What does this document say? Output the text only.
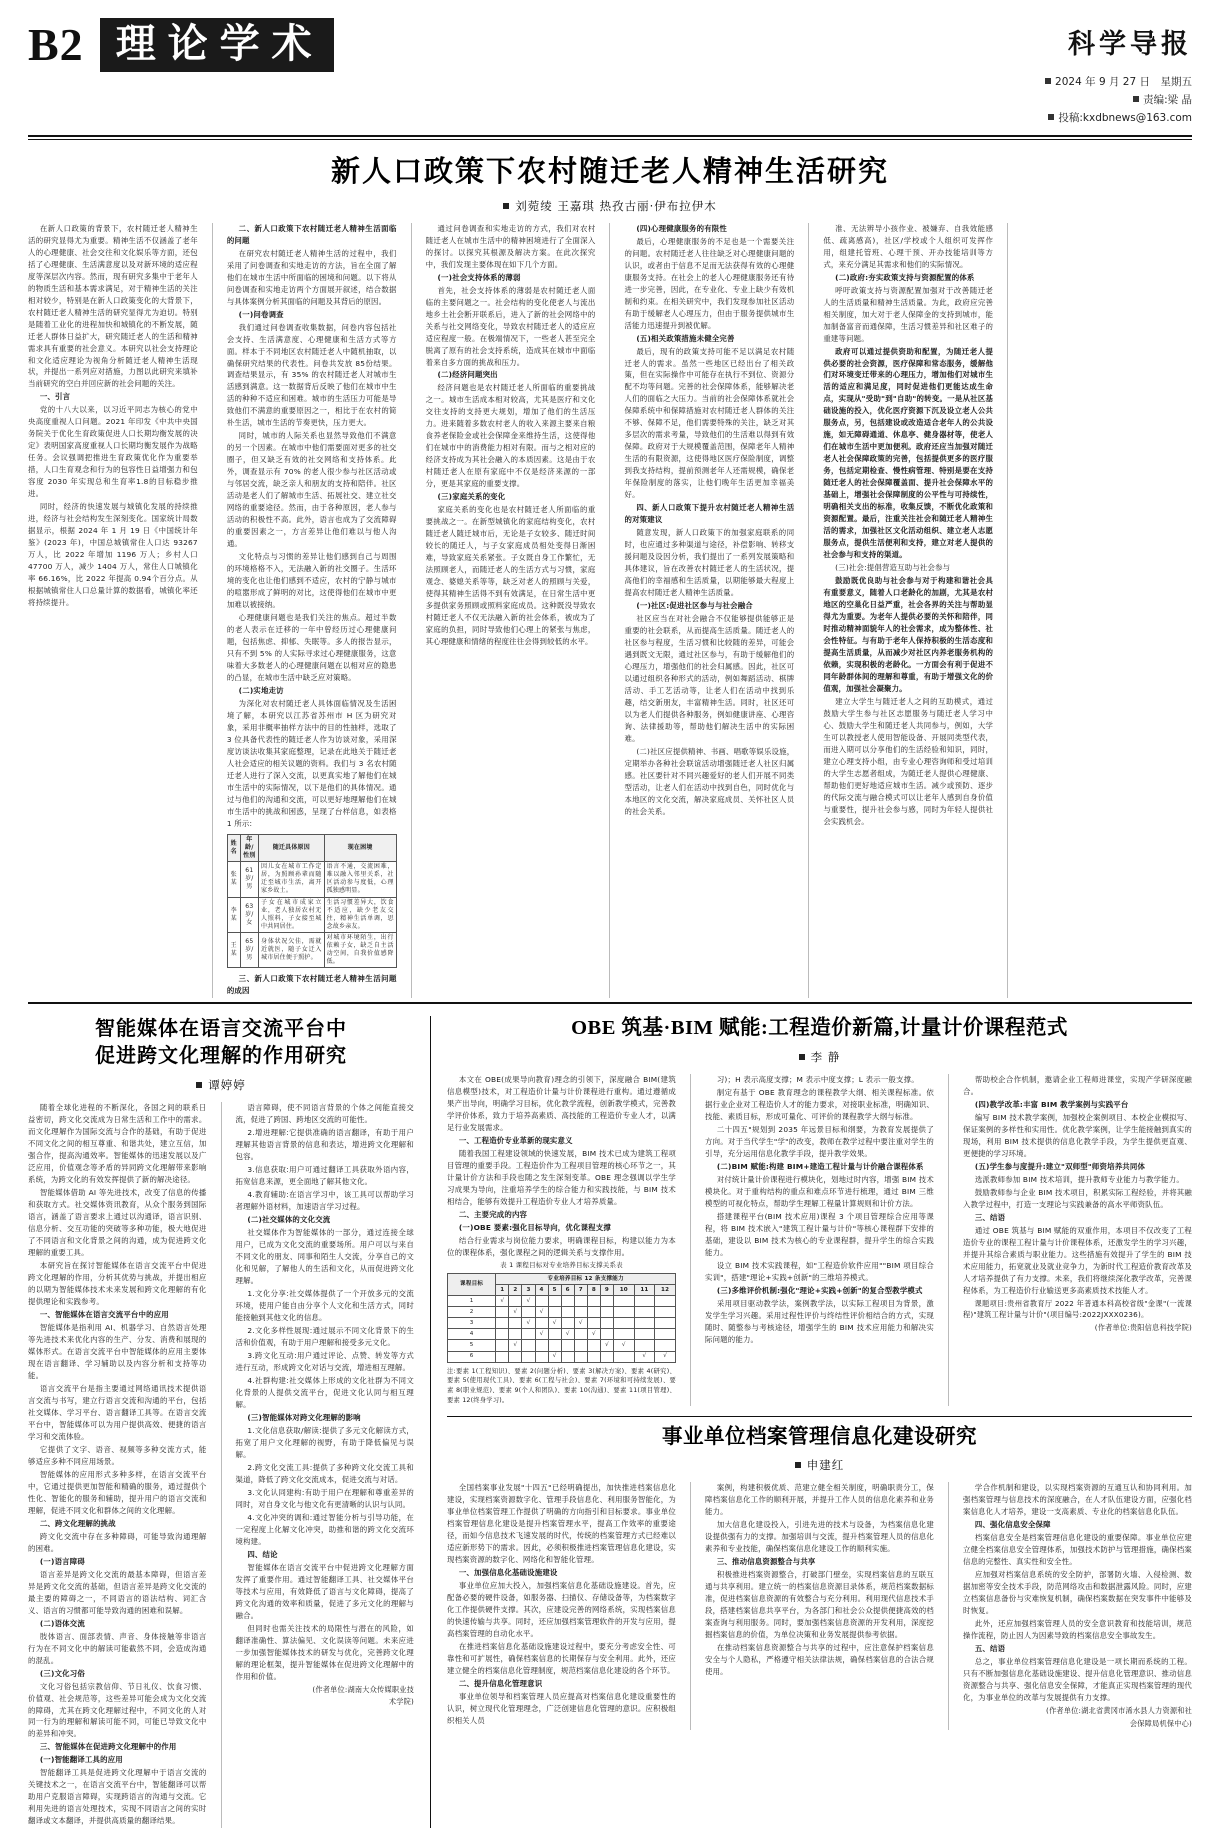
B2 理论学术	科学导报
2024 年 9 月 27 日　星期五
责编:梁 晶
投稿:kxdbnews@163.com
新人口政策下农村随迁老人精神生活研究
刘菀绫 王嘉琪 热孜古丽·伊布拉伊木

在新人口政策的背景下，农村随迁老人精神生活的研究显得尤为重要。精神生活不仅涵盖了老年人的心理健康、社会交往和文化娱乐等方面，还包括了心理健康、生活满意度以及对新环境的适应程度等深层次内容。然而，现有研究多集中于老年人的物质生活和基本需求满足，对于精神生活的关注相对较少，特别是在新人口政策变化的大背景下，农村随迁老人精神生活的研究显得尤为迫切。特别是随着工业化的进程加快和城镇化的不断发展，随迁老人群体日益扩大，研究随迁老人的生活和精神需求具有重要的社会意义。本研究以社会支持理论和文化适应理论为视角分析随迁老人精神生活现状，并提出一系列应对措施，力图以此研究来填补当前研究的空白并回应新的社会问题的关注。

一、引言

党的十八大以来，以习近平同志为核心的党中央高度重视人口问题。2021 年印发《中共中央国务院关于优化生育政策促进人口长期均衡发展的决定》表明国家高度重视人口长期均衡发展作为战略任务。会议强调把推进生育政策优化作为重要举措，人口生育观念和行为的包容性日益增强力和包容度 2030 年实现总和生育率1.8的目标稳步推进。

同时，经济的快速发展与城镇化发展的持续推进，经济与社会结构发生深刻变化。国家统计局数据显示，根据 2024 年 1 月 19 日《中国统计年鉴》(2023 年)，中国总城镇常住人口达 93267 万人，比 2022 年增加 1196 万人；乡村人口 47700 万人，减少 1404 万人，常住人口城镇化率 66.16%，比 2022 年提高 0.94个百分点。从根据城镇常住人口总量计算的数据看，城镇化率还将持续提升。

二、新人口政策下农村随迁老人精神生活面临的问题

在研究农村随迁老人精神生活的过程中，我们采用了问卷调查和实地走访的方法，旨在全面了解他们在城市生活中所面临的困境和问题。以下将从问卷调查和实地走访两个方面展开叙述，结合数据与具体案例分析其面临的问题及其背后的原因。

(一)问卷调查

我们通过问卷调查收集数据，问卷内容包括社会支持、生活满意度、心理健康和生活方式等方面。样本于不同地区农村随迁老人中随机抽取，以确保研究结果的代表性。问卷共发放 85份结果。调查结果显示，有 35% 的农村随迁老人对城市生活感到满意。这一数据背后反映了他们在城市中生活的种种不适应和困难。城市的生活压力可能是导致他们不满意的重要原因之一，相比于在农村的简朴生活，城市生活的节奏更快，压力更大。

同时，城市的人际关系也显然导致他们不满意的另一个因素。在城市中他们需要面对更多的社交圈子，但又缺乏有效的社交网络和支持体系。此外，调查显示有 70% 的老人很少参与社区活动或与邻居交流，缺乏亲人和朋友的支持和陪伴。社区活动是老人们了解城市生活、拓展社交、建立社交网络的重要途径。然而，由于各种原因，老人参与活动的积极性不高。此外，语言也成为了交流障碍的重要因素之一，方言差异让他们难以与他人沟通。

文化特点与习惯的差异让他们感到自己与周围的环境格格不入，无法融入新的社交圈子。生活环境的变化也让他们感到不适应，农村的宁静与城市的喧嚣形成了鲜明的对比，这使得他们在城市中更加难以被接纳。

心理健康问题也是我们关注的焦点。超过半数的老人表示在迁移的一年中曾经历过心理健康问题，包括焦虑、抑郁、失眠等。多人的报告显示，只有不到 5% 的人实际寻求过心理健康服务，这意味着大多数老人的心理健康问题在以相对应的隐患的凸显，在城市生活中缺乏应对策略。

(二)实地走访

为深化对农村随迁老人具体面临情况及生活困境了解，本研究以江苏省苏州市 H 区为研究对象，采用非概率抽样方法中的目的性抽样，选取了 3 位具备代表性的随迁老人作为访谈对象，采用深度访谈法收集其家庭整理，记录在此地关于随迁老人社会适应的相关议题的资料。我们与 3 名农村随迁老人进行了深入交流，以更真实地了解他们在城市生活中的实际情况，以下是他们的具体情况。通过与他们的沟通和交流，可以更好地理解他们在城市生活中的挑战和困惑，呈现了台样信息，如表格 1 所示:

姓名	年龄/性别	随迁具体原因	现在困境
张某	61 岁/男	因儿女在城市工作定居，为照顾孙辈而随迁至城市生活，离开家乡故土。	语言不通，交流困难，难以融入邻里关系，社区活动参与度低，心理孤独感明显。
李某	63 岁/女	子女在城市成家立业，老人独居农村无人照料，子女接至城中共同居住。	生活习惯差异大，饮食不适应，缺少老友交往，精神生活单调，思念故乡亲友。
王某	65 岁/男	身体状况欠佳，需就近就医，随子女迁入城市居住便于照护。	对城市环境陌生，出行依赖子女，缺乏自主活动空间，自我价值感降低。

三、新人口政策下农村随迁老人精神生活问题的成因

通过问卷调查和实地走访的方式，我们对农村随迁老人在城市生活中的精神困境进行了全面深入的探讨。以探究其根源及解决方案。在此次探究中，我们发现主要体现在如下几个方面。

(一)社会支持体系的薄弱

首先，社会支持体系的薄弱是农村随迁老人面临的主要问题之一。社会结构的变化使老人与流出地乡土社会断开联系后，进入了新的社会网络中的关系与社交网络变化，导致农村随迁老人的适应应适应程度一般。在极端情况下，一些老人甚至完全脱离了原有的社会支持系统，造成其在城市中面临着来自多方面的挑战和压力。

(二)经济问题突出

经济问题也是农村随迁老人所面临的重要挑战之一。城市生活成本相对较高，尤其是医疗和文化交往支持的支持更大规划，增加了他们的生活压力。进来随着多数农村老人的收入来源主要来自粮食养老保险金或社会保障金来维持生活，这使得他们在城市中的消费能力相对有限。而与之相对应的经济支持成为其社会融入的本质因素。这是由于农村随迁老人在原有家庭中不仅是经济来源的一部分，更是其家庭的重要支撑。

(三)家庭关系的变化

家庭关系的变化也是农村随迁老人所面临的重要挑战之一。在新型城镇化的家庭结构变化，农村随迁老人随迁城市后，无论是子女较多、随迁时间较长的随迁人，与子女家庭成员相处变得日渐困难，导致家庭关系紧张。子女既自身工作繁忙，无法照顾老人，而随迁老人的生活方式与习惯，家庭观念、婆媳关系等等，缺乏对老人的照顾与关爱，使得其精神生活得不到有效满足，在日常生活中更多提供家务照顾或照料家庭成员。这种既没导致农村随迁老人不仅无法融入新的社会体系，被成为了家庭的负担，同时导致他们心理上的紧张与焦虑，其心理健康和情绪的程度往往会得到较低的水平。

(四)心理健康服务的有限性

最后，心理健康服务的不足也是一个需要关注的问题。农村随迁老人往往缺乏对心理健康问题的认识，或者由于信息不足而无法获得有效的心理健康服务支持。在社会上的老人心理健康服务还有待进一步完善，因此，在专业化、专业上缺少有效机制和约束。在相关研究中，我们发现参加社区活动有助于缓解老人心理压力，但由于服务提供城市生活能力迅速提升到被优解。

(五)相关政策措施未健全完善

最后，现有的政策支持可能不足以满足农村随迁老人的需求。虽然一些地区已经出台了相关政策，但在实际操作中可能存在执行不到位、资源分配不均等问题。完善的社会保障体系，能够解决老人们的面临之大压力。当前的社会保障体系就社会保障系统中和保障措施对农村随迁老人群体的关注不够、保障不足，他们需要特殊的关注，缺乏对其多层次的需求考量，导致他们的生活难以得到有效保障。政府对于大规模覆盖范围，保障老年人精神生活的有限资源，这使得地区医疗保险制度，调整到我支持结构，提前预测老年人还需规模，确保老年保险制度的落实，让他们晚年生活更加幸福美好。

四、新人口政策下提升农村随迁老人精神生活的对策建议

随意发现，新人口政策下的加强家庭联系的同时，也应通过多种渠道与途径，补偿影响、转移支援问题及设因分析，我们提出了一系列发展策略和具体建议，旨在改善农村随迁老人的生活状况，提高他们的幸福感和生活质量，以期能够最大程度上提高农村随迁老人精神生活质量。

(一)社区:促进社区参与与社会融合

社区应当在对社会融合不仅能够提供能够正是重要的社会联系，从而提高生活质量。随迁老人的社区参与程度，生活习惯和比较随的差异，可能会遇到既文无限，通过社区参与，有助于缓解他们的心理压力，增强他们的社会归属感。因此，社区可以通过组织各种形式的活动，例如舞蹈活动、棋牌活动、手工艺活动等，让老人们在活动中找到乐趣，结交新朋友，丰富精神生活。同时，社区还可以为老人们提供各种服务，例如健康讲座、心理咨询、法律援助等，帮助他们解决生活中的实际困难。

(二)社区应提供精神、书画、唱歌等娱乐设施，定期举办各种社会联谊活动增强随迁老人社区归属感。社区要针对不同兴趣爱好的老人们开展不同类型活动，让老人们在活动中找到自色，同时优化与本地区的文化交流，解决家庭成员、关怀社区人员的社会关系。

准、无法辨导小孩作业、被嫌弃、自我效能感低、疏离感高)，社区/学校或个人组织可发挥作用，组建托管班、心理干预、开办技能培训等方式，来充分满足其需求和他们的实际情况。

(二)政府:夯实政策支持与资源配置的体系

呼吁政策支持与资源配置加强对于改善随迁老人的生活质量和精神生活质量。为此，政府应完善相关制度，加大对于老人保障金的支持到城市，能加制备富音而通保障，生活习惯差异和社区难子的重建等问题。

政府可以通过提供资助和配置，为随迁老人提供必要的社会资源，医疗保障和常态服务，缓解他们对环境变迁带来的心理压力，增加他们对城市生活的适应和满足度，同时促进他们更能达成生命点，实现从"受助"到"自助"的转变。一是从社区基础设施的投入，优化医疗资源下沉及设立老人公共服务点，另，包括建设或改造适合老年人的公共设施，如无障碍通道、休息亭、健身器材等，使老人们在城市生活中更加便利。政府还应当加强对随迁老人社会保障政策的完善，包括提供更多的医疗服务，包括定期检查、慢性病管理、特别是要在支持随迁老人的社会保障覆盖面、提升社会保障水平的基础上，增强社会保障制度的公平性与可持续性，明确相关支出的标准，收集反馈，不断优化政策和资源配置。最后，注重关注社会和随迁老人精神生活的需求，加强社区文化活动组织、建立老人志愿服务点，提供生活便利和支持，建立对老人提供的社会参与和支持的渠道。

(三)社会:提倡营造互助与社会参与

鼓励既优良助与社会参与对于构建和谐社会具有重要意义，随着人口老龄化的加剧，尤其是农村地区的空巢化日益严重，社会各界的关注与帮助显得尤为重要。为老年人提供必要的关怀和陪伴，同时推动精神面貌年人的社会需求，成为整体性、社会性特征。与有助于老年人保持积极的生活态度和提高生活质量，从而减少对社区内养老服务机构的依赖，实现积极的老龄化。一方面会有利于促进不同年龄群体间的理解和尊重，有助于增强文化的价值观，加强社会凝聚力。

建立大学生与随迁老人之间的互助模式，通过鼓励大学生参与社区志愿服务与随迁老人学习中心、鼓励大学生和随迁老人共同参与，例如，大学生可以教授老人使用智能设备、开展同类型代表，而进入期可以分享他们的生活经验和知识，同时，建立心理支持小组，由专业心理咨询师和受过培训的大学生志愿者组成，为随迁老人提供心理健康、帮助他们更好地适应城市生活。减少或预防、逐步的代际交流与融合模式可以让老年人感到自身价值与重要性，提升社会参与感，同时为年轻人提供社会实践机会。

智能媒体在语言交流平台中
促进跨文化理解的作用研究
谭婷婷

随着全球化进程的不断深化，各国之间的联系日益密切，跨文化交流成为日常生活和工作中的需求。而文化理解作为国际交流与合作的基础，有助于促进不同文化之间的相互尊重、和谐共处，建立互信，加强合作，提高沟通效率。智能媒体的迅速发展以及广泛应用，价值观念等矛盾的异同跨文化理解带来影响系统，为跨文化的有效发挥提供了新的解决途径。

智能媒体借助 AI 等先进技术，改变了信息的传播和获取方式。社交媒体资讯教育，从众个服务到国际语言，涵盖了语言要求上通过以沟通译，语言识别、信息分析、交互功能的突破等多种功能，极大地促进了不同语言和文化背景之间的沟通，成为促进跨文化理解的重要工具。

本研究旨在探讨智能媒体在语言交流平台中促进跨文化理解的作用，分析其优势与挑战，并提出相应的以期为智能媒体技术未来发展和跨文化理解的有化提供理论和实践参考。

一、智能媒体在语言交流平台中的应用

智能媒体是指利用 AI、机器学习、自然语言处理等先进技术来优化内容的生产、分发、消费和展现的媒体形式。在语言交流平台中智能媒体的应用主要体现在语言翻译、学习辅助以及内容分析和支持等功能。

语言交流平台是指主要通过网络通讯技术提供语言交流与书写，建立行语言交流和沟通的平台，包括社交媒体、学习平台、语言翻译工具等。在语言交流平台中，智能媒体可以为用户提供高效、便捷的语言学习和交流体验。

它提供了文字、语音、视频等多种交流方式，能够适应多种不同应用场景。

智能媒体的应用形式多种多样，在语言交流平台中，它通过提供更加智能和精确的服务，通过提供个性化、智能化的服务和辅助，提升用户的语言交流和理解，促进不同文化和群体之间的文化理解。

二、跨文化理解的挑战

跨文化交流中存在多种障碍，可能导致沟通理解的困难。

(一)语言障碍

语言差异是跨文化交流的最基本障碍，但语言差异是跨文化交流的基础，但语言差异是跨文化交流的最主要的障碍之一，不同语言的语法结构、词汇含义、语言的习惯都可能导致沟通的困难和误解。

(二)语体交流

肢体语言、面部表情、声音、身体接触等非语言行为在不同文化中的解读可能截然不同，会造成沟通的混乱。

(三)文化习俗

文化习俗包括宗教信仰、节日礼仪、饮食习惯、价值观、社会规范等，这些差异可能会成为文化交流的障碍，尤其在跨文化理解过程中，不同文化的人对同一行为的理解和解读可能不同，可能已导致文化中的差异和冲突。

三、智能媒体在促进跨文化理解中的作用

(一)智能翻译工具的应用

智能翻译工具是促进跨文化理解中于语言交流的关键技术之一，在语言交流平台中，智能翻译可以帮助用户克服语言障碍，实现跨语言的沟通与交流。它利用先进的语言处理技术，实现不同语言之间的实时翻译或文本翻译，并提供高质量的翻译结果。

语言障碍，使不同语言背景的个体之间能直接交流，促进了跨国、跨地区交流的可能性。

2.增进理解:它提供准确的语言翻译，有助于用户理解其他语言背景的信息和表达，增进跨文化理解和包容。

3.信息获取:用户可通过翻译工具获取外语内容，拓宽信息来源，更全面地了解其他文化。

4.教育辅助:在语言学习中，该工具可以帮助学习者理解外语材料，加速语言学习过程。

(二)社交媒体的文化交流

社交媒体作为智能媒体的一部分，通过连接全球用户，已成为文化交流的重要场所。用户可以与来自不同文化的朋友、同事和陌生人交流，分享自己的文化和见解，了解他人的生活和文化，从而促进跨文化理解。

1.文化分享:社交媒体提供了一个开放多元的交流环境，使用户能自由分享个人文化和生活方式，同时能接触到其他文化的信息。

2.文化多样性展现:通过展示不同文化背景下的生活和价值观，有助于用户理解和接受多元文化。

3.跨文化互动:用户通过评论、点赞、转发等方式进行互动，形成跨文化对话与交流，增进相互理解。

4.社群构建:社交媒体上形成的文化社群为不同文化背景的人提供交流平台，促进文化认同与相互理解。

(三)智能媒体对跨文化理解的影响

1.文化信息获取/解读:提供了多元文化解读方式，拓宽了用户文化理解的视野，有助于降低偏见与误解。

2.跨文化交流工具:提供了多种跨文化交流工具和渠道，降低了跨文化交流成本，促进交流与对话。

3.文化认同建构:有助于用户在理解和尊重差异的同时，对自身文化与他文化有更清晰的认识与认同。

4.文化冲突的调和:通过智能分析与引导功能，在一定程度上化解文化冲突，助推和谐的跨文化交流环境构建。

四、结论

智能媒体在语言交流平台中促进跨文化理解方面发挥了重要作用。通过智能翻译工具、社交媒体平台等技术与应用，有效降低了语言与文化障碍，提高了跨文化沟通的效率和质量，促进了多元文化的理解与融合。

但同时也需关注技术的局限性与潜在的风险，如翻译准确性、算法偏见、文化误读等问题。未来应进一步加强智能媒体技术的研发与优化，完善跨文化理解的理论框架，提升智能媒体在促进跨文化理解中的作用和价值。

(作者单位:湖南大众传媒职业技

术学院)

OBE 筑基·BIM 赋能:工程造价新篇,计量计价课程范式
李 静

本文在 OBE(成果导向教育)理念的引领下，深度融合 BIM(建筑信息模型)技术，对工程造价计量与计价课程进行重构。通过遵循成果产出导向，明确学习目标，优化教学流程，创新教学模式，完善教学评价体系，致力于培养高素质、高技能的工程造价专业人才，以满足行业发展需求。

一、工程造价专业革新的现实意义

随着我国工程建设领域的快速发展，BIM 技术已成为建筑工程项目管理的重要手段。工程造价作为工程项目管理的核心环节之一，其计量计价方法和手段也随之发生深刻变革。OBE 理念强调以学生学习成果为导向，注重培养学生的综合能力和实践技能，与 BIM 技术相结合，能够有效提升工程造价专业人才培养质量。

二、主要完成的内容

(一)OBE 要素:强化目标导向，优化课程支撑

结合行业需求与岗位能力要求，明确课程目标，构建以能力为本位的课程体系，强化课程之间的逻辑关系与支撑作用。

表 1 课程目标对专业培养目标支撑关系表
课程目标	专业培养目标 12 条支撑能力											
	1	2	3	4	5	6	7	8	9	10	11	12
1	√		√									
2		√		√								
3			√		√		√					
4				√		√		√				
5		√							√	√		
6					√						√	√
注:要素 1(工程知识)、要素 2(问题分析)、要素 3(解决方案)、要素 4(研究)、要素 5(使用现代工具)、要素 6(工程与社会)、要素 7(环境和可持续发展)、要素 8(职业规范)、要素 9(个人和团队)、要素 10(沟通)、要素 11(项目管理)、要素 12(终身学习)。

习)；H 表示高度支撑；M 表示中度支撑；L 表示一般支撑。

制定有基于 OBE 教育理念的课程教学大纲、相关课程标准。依据行业企业对工程造价人才的能力要求，对接职业标准，明确知识、技能、素质目标，形成可量化、可评价的课程教学大纲与标准。

二十四五"规划到 2035 年远景目标和纲要，为教育发展提供了方向。对于当代学生"学"的改变，教师在教学过程中要注重对学生的引导，充分运用信息化教学手段，提升教学效果。

(二)BIM 赋能:构建 BIM+建造工程计量与计价融合课程体系

对付统计量计价课程进行模块化，划地过时内容，增强 BIM 技术模块化。对于重构结构的重点和难点环节进行梳理，通过 BIM 三维模型的可视化特点，帮助学生理解工程量计算规则和计价方法。

搭建课程平台(BIM 技术应用)课程 3 个项目管理综合应用等课程，将 BIM 技术嵌入"建筑工程计量与计价"等核心课程群下安排的基础，建设以 BIM 技术为核心的专业课程群，提升学生的综合实践能力。

设立 BIM 技术实践课程，如"工程造价软件应用""BIM 项目综合实训"，搭建"理论+实践+创新"的三维培养模式。

(三)多维评价机制:强化"理论+实践+创新"的复合型教学模式

采用项目驱动教学法，案例教学法，以实际工程项目为背景，激发学生学习兴趣。采用过程性评价与终结性评价相结合的方式，实现随时、随整参与考核途径，增强学生的 BIM 技术应用能力和解决实际问题的能力。

帮助校企合作机制，邀请企业工程师进课堂，实现产学研深度融合。

(四)教学改革:丰富 BIM 教学案例与实践平台

编写 BIM 技术教学案例，加强校企案例项目、本校企业模拟写、保证案例的多样性和实用性。优化教学案例，让学生能接触到真实的现场，利用 BIM 技术提供的信息化教学手段，为学生提供更直观、更便捷的学习环境。

(五)学生参与度提升:建立"双师型"师资培养共同体

选派教师参加 BIM 技术培训，提升教师专业能力与教学能力。

鼓励教师参与企业 BIM 技术项目，积累实际工程经验，并将其融入教学过程中，打造一支理论与实践兼备的高水平师资队伍。

三、结语

通过 OBE 筑基与 BIM 赋能的双重作用，本项目不仅改变了工程造价专业的课程工程计量与计价课程体系，还激发学生的学习兴趣，并提升其综合素质与职业能力。这些措施有效提升了学生的 BIM 技术应用能力，拓宽就业及就业竞争力，为新时代工程造价教育改革及人才培养提供了有力支撑。未来，我们将继续深化教学改革，完善课程体系，为工程造价行业输送更多高素质技术技能人才。

课题项目:贵州省教育厅 2022 年普通本科高校省级"金课"(一流课程)"建筑工程计量与计价"(项目编号:2022JXXX0236)。

(作者单位:贵阳信息科技学院)

事业单位档案管理信息化建设研究
申建红

全国档案事业发展"十四五"已经明确提出，加快推进档案信息化建设，实现档案资源数字化、管理手段信息化、利用服务智能化，为事业单位档案管理工作提供了明确的方向指引和目标要求。事业单位档案管理信息化建设是提升档案管理水平，提高工作效率的重要途径，而如今信息技术飞速发展的时代，传统的档案管理方式已经难以适应新形势下的需求。因此，必须积极推进档案管理信息化建设，实现档案资源的数字化、网络化和智能化管理。

一、加强信息化基础设施建设

事业单位应加大投入，加强档案信息化基础设施建设。首先，应配备必要的硬件设备，如服务器、扫描仪、存储设备等，为档案数字化工作提供硬件支撑。其次，应建设完善的网络系统，实现档案信息的快速传输与共享。同时，还应加强档案管理软件的开发与应用，提高档案管理的自动化水平。

在推进档案信息化基础设施建设过程中，要充分考虑安全性、可靠性和可扩展性，确保档案信息的长期保存与安全利用。此外，还应建立健全的档案信息化管理制度，规范档案信息化建设的各个环节。

二、提升信息化管理意识

事业单位领导和档案管理人员应提高对档案信息化建设重要性的认识，树立现代化管理理念，广泛创建信息化管理的意识。应积极组织相关人员

案例，构建积极优质、范建立健全相关制度，明确职责分工，保障档案信息化工作的顺利开展，并提升工作人员的信息化素养和业务能力。

加大信息化建设投入，引进先进的技术与设备，为档案信息化建设提供强有力的支撑。加强培训与交流，提升档案管理人员的信息化素养和专业技能，确保档案信息化建设工作的顺利实施。

三、推动信息资源整合与共享

积极推进档案资源整合，打破部门壁垒，实现档案信息的互联互通与共享利用。建立统一的档案信息资源目录体系，规范档案数据标准，促进档案信息资源的有效整合与充分利用。利用现代信息技术手段，搭建档案信息共享平台，为各部门和社会公众提供便捷高效的档案查询与利用服务。同时，要加强档案信息资源的开发利用，深度挖掘档案信息的价值，为单位决策和业务发展提供参考依据。

在推动档案信息资源整合与共享的过程中，应注意保护档案信息安全与个人隐私，严格遵守相关法律法规，确保档案信息的合法合规使用。

学合作机制和建设，以实现档案资源的互通互认和协同利用。加强档案管理与信息技术的深度融合，在人才队伍建设方面，应强化档案信息化人才培养，建设一支高素质、专业化的档案信息化队伍。

四、强化信息安全保障

档案信息安全是档案管理信息化建设的重要保障。事业单位应建立健全档案信息安全管理体系，加强技术防护与管理措施，确保档案信息的完整性、真实性和安全性。

应加强对档案信息系统的安全防护，部署防火墙、入侵检测、数据加密等安全技术手段，防范网络攻击和数据泄露风险。同时，应建立档案信息备份与灾难恢复机制，确保档案数据在突发事件中能够及时恢复。

此外，还应加强档案管理人员的安全意识教育和技能培训，规范操作流程，防止因人为因素导致的档案信息安全事故发生。

五、结语

总之，事业单位档案管理信息化建设是一项长期而系统的工程。只有不断加强信息化基础设施建设、提升信息化管理意识、推动信息资源整合与共享、强化信息安全保障，才能真正实现档案管理的现代化，为事业单位的改革与发展提供有力支撑。

(作者单位:湖北省黄冈市浠水县人力资源和社

会保障局机保中心)
